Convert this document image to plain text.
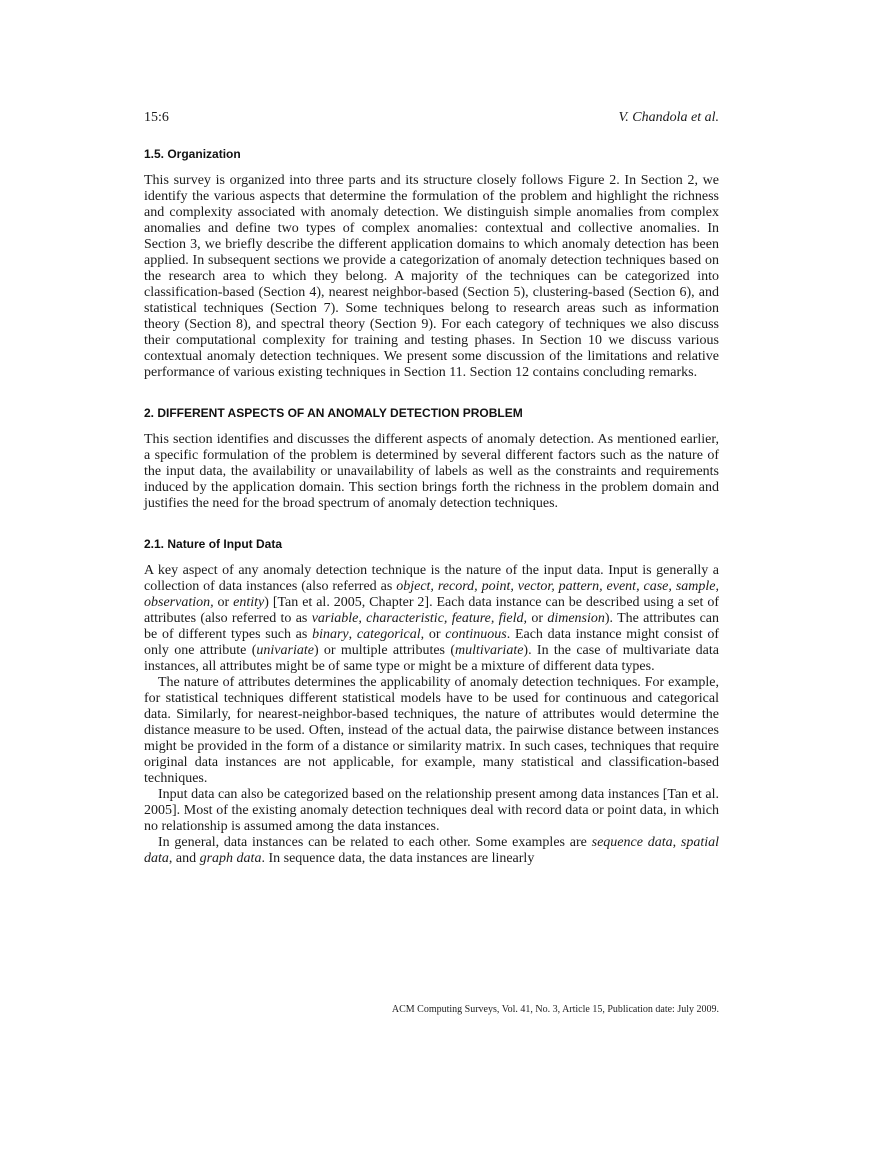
15:6	V. Chandola et al.
1.5. Organization

This survey is organized into three parts and its structure closely follows Figure 2. In Section 2, we identify the various aspects that determine the formulation of the problem and highlight the richness and complexity associated with anomaly detection. We distinguish simple anomalies from complex anomalies and define two types of complex anomalies: contextual and collective anomalies. In Section 3, we briefly describe the different application domains to which anomaly detection has been applied. In subsequent sections we provide a categorization of anomaly detection techniques based on the research area to which they belong. A majority of the techniques can be categorized into classification-based (Section 4), nearest neighbor-based (Section 5), clustering-based (Section 6), and statistical techniques (Section 7). Some techniques belong to research areas such as information theory (Section 8), and spectral theory (Section 9). For each category of techniques we also discuss their computational complexity for training and testing phases. In Section 10 we discuss various contextual anomaly detection techniques. We present some discussion of the limitations and relative performance of various existing techniques in Section 11. Section 12 contains concluding remarks.

2. DIFFERENT ASPECTS OF AN ANOMALY DETECTION PROBLEM

This section identifies and discusses the different aspects of anomaly detection. As mentioned earlier, a specific formulation of the problem is determined by several different factors such as the nature of the input data, the availability or unavailability of labels as well as the constraints and requirements induced by the application domain. This section brings forth the richness in the problem domain and justifies the need for the broad spectrum of anomaly detection techniques.

2.1. Nature of Input Data

A key aspect of any anomaly detection technique is the nature of the input data. Input is generally a collection of data instances (also referred as object, record, point, vector, pattern, event, case, sample, observation, or entity) [Tan et al. 2005, Chapter 2]. Each data instance can be described using a set of attributes (also referred to as variable, characteristic, feature, field, or dimension). The attributes can be of different types such as binary, categorical, or continuous. Each data instance might consist of only one attribute (univariate) or multiple attributes (multivariate). In the case of multivariate data instances, all attributes might be of same type or might be a mixture of different data types.

The nature of attributes determines the applicability of anomaly detection techniques. For example, for statistical techniques different statistical models have to be used for continuous and categorical data. Similarly, for nearest-neighbor-based techniques, the nature of attributes would determine the distance measure to be used. Often, instead of the actual data, the pairwise distance between instances might be provided in the form of a distance or similarity matrix. In such cases, techniques that require original data instances are not applicable, for example, many statistical and classification-based techniques.

Input data can also be categorized based on the relationship present among data instances [Tan et al. 2005]. Most of the existing anomaly detection techniques deal with record data or point data, in which no relationship is assumed among the data instances.

In general, data instances can be related to each other. Some examples are sequence data, spatial data, and graph data. In sequence data, the data instances are linearly

ACM Computing Surveys, Vol. 41, No. 3, Article 15, Publication date: July 2009.
